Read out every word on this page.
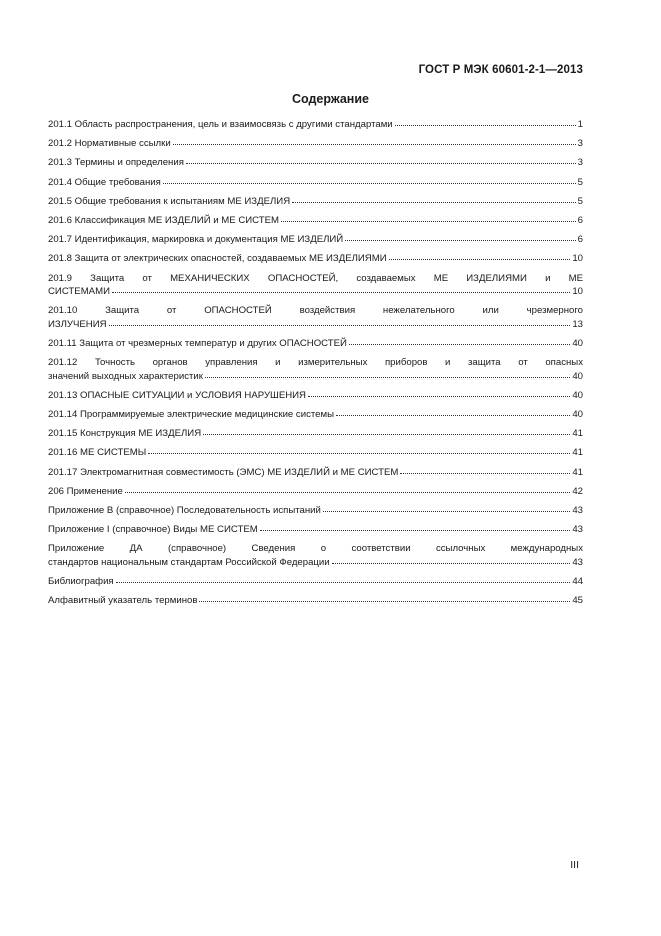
ГОСТ Р МЭК 60601-2-1—2013
Содержание
201.1 Область распространения, цель и взаимосвязь с другими стандартами	1
201.2 Нормативные ссылки	3
201.3 Термины и определения	3
201.4 Общие требования	5
201.5 Общие требования к испытаниям МЕ ИЗДЕЛИЯ	5
201.6 Классификация МЕ ИЗДЕЛИЙ и МЕ СИСТЕМ	6
201.7 Идентификация, маркировка и документация МЕ ИЗДЕЛИЙ	6
201.8 Защита от электрических опасностей, создаваемых МЕ ИЗДЕЛИЯМИ	10
201.9 Защита от МЕХАНИЧЕСКИХ ОПАСНОСТЕЙ, создаваемых МЕ ИЗДЕЛИЯМИ и МЕ
СИСТЕМАМИ	10
201.10 Защита от ОПАСНОСТЕЙ воздействия нежелательного или чрезмерного
ИЗЛУЧЕНИЯ	13
201.11 Защита от чрезмерных температур и других ОПАСНОСТЕЙ	40
201.12 Точность органов управления и измерительных приборов и защита от опасных
значений выходных характеристик	40
201.13 ОПАСНЫЕ СИТУАЦИИ и УСЛОВИЯ НАРУШЕНИЯ	40
201.14 Программируемые электрические медицинские системы	40
201.15 Конструкция МЕ ИЗДЕЛИЯ	41
201.16 МЕ СИСТЕМЫ	41
201.17 Электромагнитная совместимость (ЭМС) МЕ ИЗДЕЛИЙ и МЕ СИСТЕМ	41
206 Применение	42
Приложение В (справочное) Последовательность испытаний	43
Приложение I (справочное) Виды МЕ СИСТЕМ	43
Приложение ДА (справочное) Сведения о соответствии ссылочных международных
стандартов национальным стандартам Российской Федерации	43
Библиография	44
Алфавитный указатель терминов	45
III
